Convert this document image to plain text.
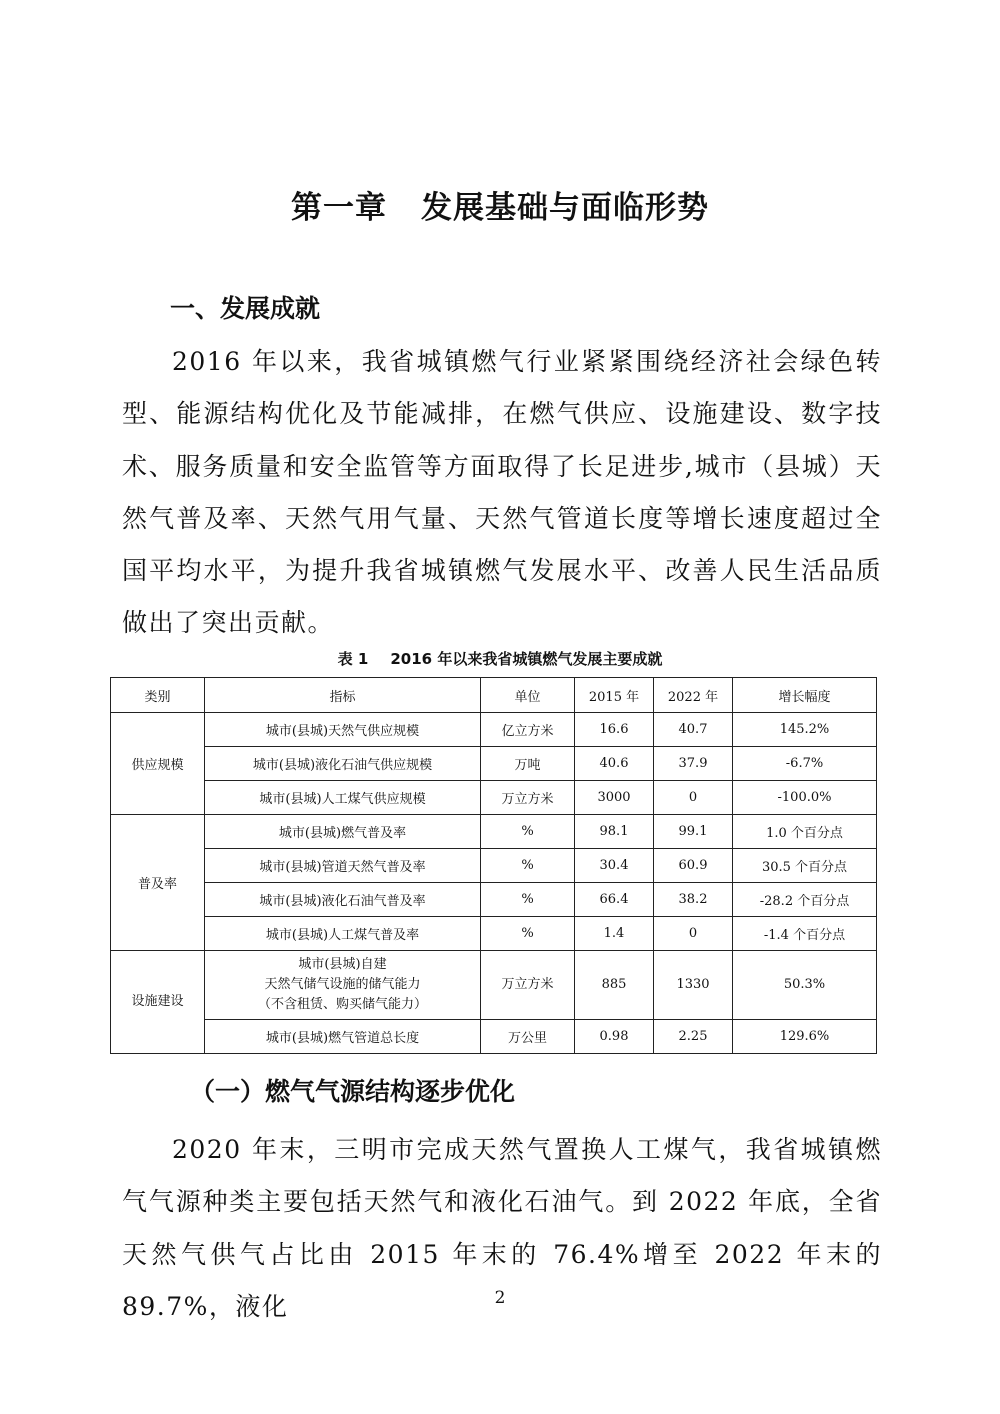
第一章 发展基础与面临形势
一、发展成就

2016 年以来，我省城镇燃气行业紧紧围绕经济社会绿色转型、能源结构优化及节能减排，在燃气供应、设施建设、数字技术、服务质量和安全监管等方面取得了长足进步,城市（县城）天然气普及率、天然气用气量、天然气管道长度等增长速度超过全国平均水平，为提升我省城镇燃气发展水平、改善人民生活品质做出了突出贡献。

表 1 2016 年以来我省城镇燃气发展主要成就
类别	指标	单位	2015 年	2022 年	增长幅度
供应规模	城市(县城)天然气供应规模	亿立方米	16.6	40.7	145.2%
	城市(县城)液化石油气供应规模	万吨	40.6	37.9	-6.7%
	城市(县城)人工煤气供应规模	万立方米	3000	0	-100.0%
普及率	城市(县城)燃气普及率	%	98.1	99.1	1.0 个百分点
	城市(县城)管道天然气普及率	%	30.4	60.9	30.5 个百分点
	城市(县城)液化石油气普及率	%	66.4	38.2	-28.2 个百分点
	城市(县城)人工煤气普及率	%	1.4	0	-1.4 个百分点
设施建设	城市(县城)自建
天然气储气设施的储气能力
（不含租赁、购买储气能力）	万立方米	885	1330	50.3%
	城市(县城)燃气管道总长度	万公里	0.98	2.25	129.6%
（一）燃气气源结构逐步优化

2020 年末，三明市完成天然气置换人工煤气，我省城镇燃气气源种类主要包括天然气和液化石油气。到 2022 年底，全省天然气供气占比由 2015 年末的 76.4%增至 2022 年末的 89.7%，液化	2
